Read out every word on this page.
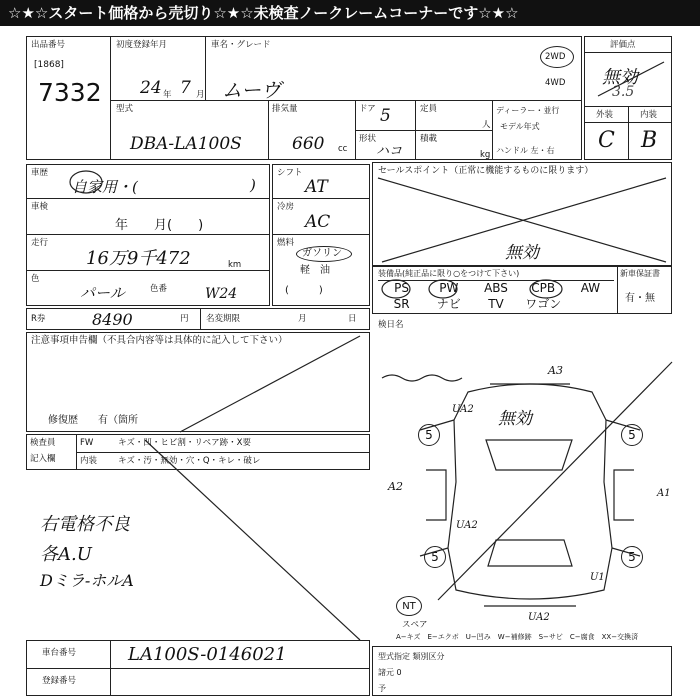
☆★☆スタート価格から売切り☆★☆未検査ノークレームコーナーです☆★☆
出品番号
[1868]
7332
初度登録年月
24 年 7 月
車名・グレード
ムーヴ
2WD
4WD
型式
DBA-LA100S
排気量
660 cc
ドア 5
形状
ハコ
定員
人
積載
kg
ディーラー・並行
モデル年式
ハンドル 左・右
評価点
無効
3.5
外装	内装
C B
車歴
自家用・(	)
車検
年　　月(　　)
走行
16万9千472	km
色
パール	色番	W24
シフト
AT
冷房
AC
燃料
ガソリン
軽　油
(　　　)
セールスポイント（正常に機能するものに限ります）
無効
装備品(純正品に限り○をつけて下さい)	新車保証書
有・無
PS	PW	ABS	CPB	AW
SR	ナビ	TV	ワゴン
R券	8490	円 名変期限	月	日
検日名
注意事項申告欄（不具合内容等は具体的に記入して下さい）
修復歴　　有（箇所
検査員
記入欄
FW	キズ・凹・ヒビ割・リペア跡・X要
内装 キズ・汚・無効・穴・Q・キレ・破レ
右電格不良
各A.U
Dミラ-ホルA
無効
A3
UA2
A2
A1
UA2
U1
UA2
5	5
5	5
NT
スペア
A−キズ　E−エクボ　U−凹み　W−補修跡　S−サビ　C−腐食　XX−交換済
車台番号	LA100S-0146021
登録番号
型式指定 類別区分
諸元 0
予
